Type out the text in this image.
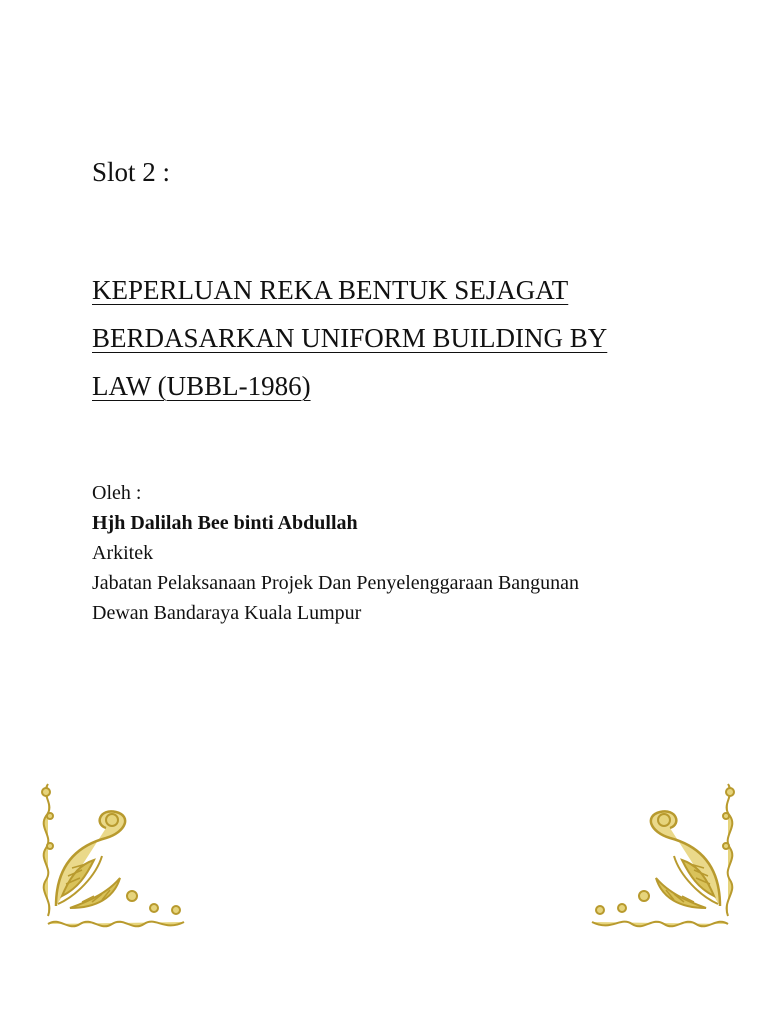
Slot 2 :
KEPERLUAN REKA BENTUK SEJAGAT
BERDASARKAN UNIFORM BUILDING BY
LAW (UBBL-1986)
Oleh :
Hjh Dalilah Bee binti Abdullah
Arkitek
Jabatan Pelaksanaan Projek Dan Penyelenggaraan Bangunan
Dewan Bandaraya Kuala Lumpur
